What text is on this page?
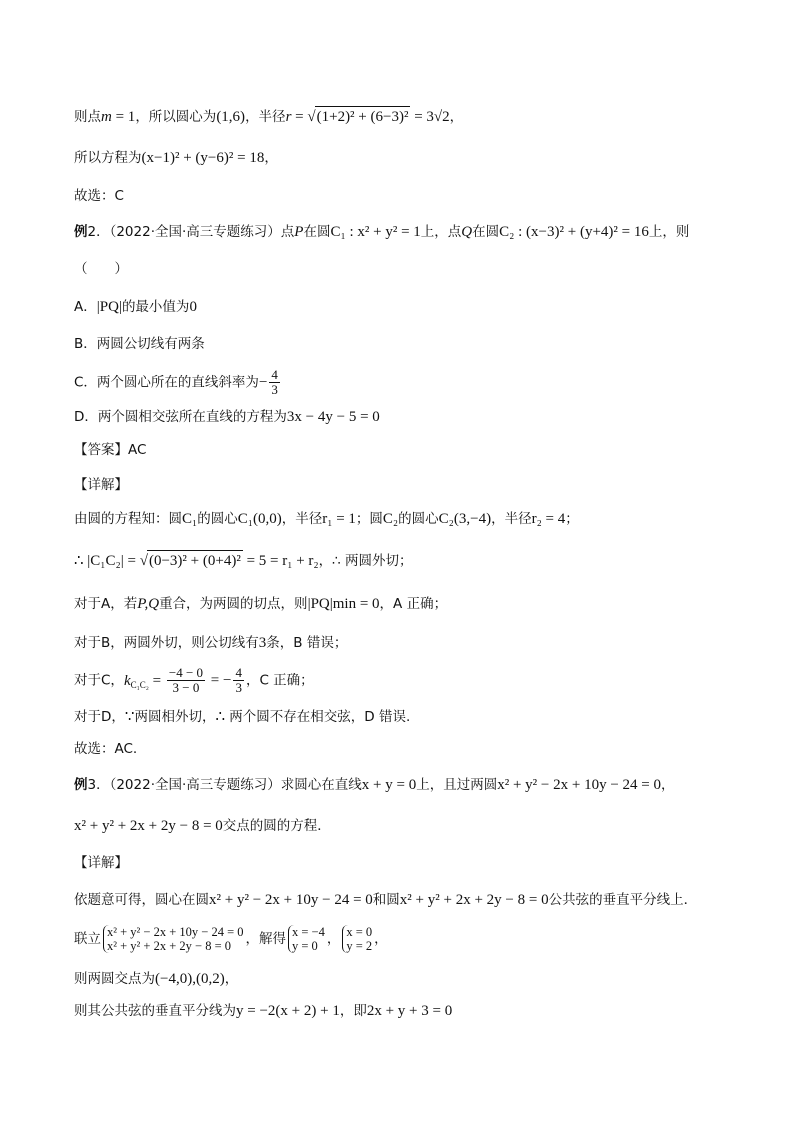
则点m = 1，所以圆心为(1,6)，半径r = √(1+2)² + (6−3)² = 3√2，
所以方程为(x−1)² + (y−6)² = 18，
故选：C
例2．（2022·全国·高三专题练习）点P在圆C₁ : x² + y² = 1上，点Q在圆C₂ : (x−3)² + (y+4)² = 16上，则
（　　）
A．|PQ|的最小值为0
B．两圆公切线有两条
C．两个圆心所在的直线斜率为− $\frac{4}{3}$
D．两个圆相交弦所在直线的方程为3x − 4y − 5 = 0
【答案】AC
【详解】
由圆的方程知：圆C₁的圆心C₁(0,0)，半径r₁ = 1；圆C₂的圆心C₂(3,−4)，半径r₂ = 4；
∴ |C₁C₂| = √(0−3)² + (0+4)² = 5 = r₁ + r₂，∴ 两圆外切；
对于A，若P,Q重合，为两圆的切点，则|PQ|min = 0，A 正确；
对于B，两圆外切，则公切线有3条，B 错误；
对于C，$k_{C_1C_2} = \frac{-4 - 0}{3 - 0}$ = − $\frac{4}{3}$ ，C 正确；
对于D，∵两圆相外切，∴ 两个圆不存在相交弦，D 错误.
故选：AC.
例3．（2022·全国·高三专题练习）求圆心在直线x + y = 0上，且过两圆x² + y² − 2x + 10y − 24 = 0，
x² + y² + 2x + 2y − 8 = 0交点的圆的方程．
【详解】
依题意可得，圆心在圆x² + y² − 2x + 10y − 24 = 0和圆x² + y² + 2x + 2y − 8 = 0公共弦的垂直平分线上．
联立 x² + y² − 2x + 10y − 24 = 0
x² + y² + 2x + 2y − 8 = 0	，解得 x = −4
y = 0 ， x = 0
y = 2 ，
则两圆交点为(−4,0),(0,2)，
则其公共弦的垂直平分线为y = −2(x + 2) + 1，即2x + y + 3 = 0
